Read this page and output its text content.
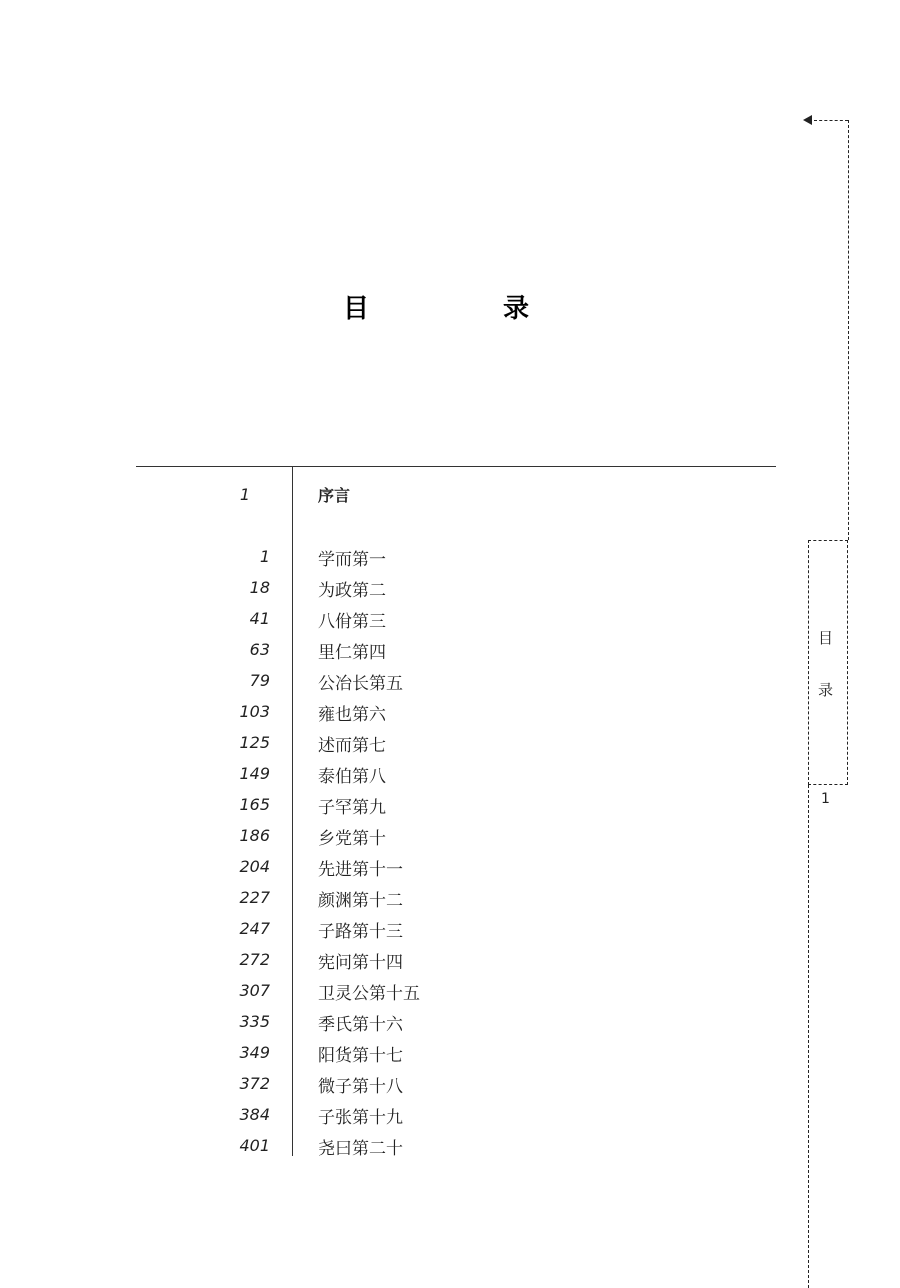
目　录
1	序言
1	学而第一
18	为政第二
41	八佾第三
63	里仁第四
79	公冶长第五
103	雍也第六
125	述而第七
149	泰伯第八
165	子罕第九
186	乡党第十
204	先进第十一
227	颜渊第十二
247	子路第十三
272	宪问第十四
307	卫灵公第十五
335	季氏第十六
349	阳货第十七
372	微子第十八
384	子张第十九
401	尧曰第二十
目
录
1
